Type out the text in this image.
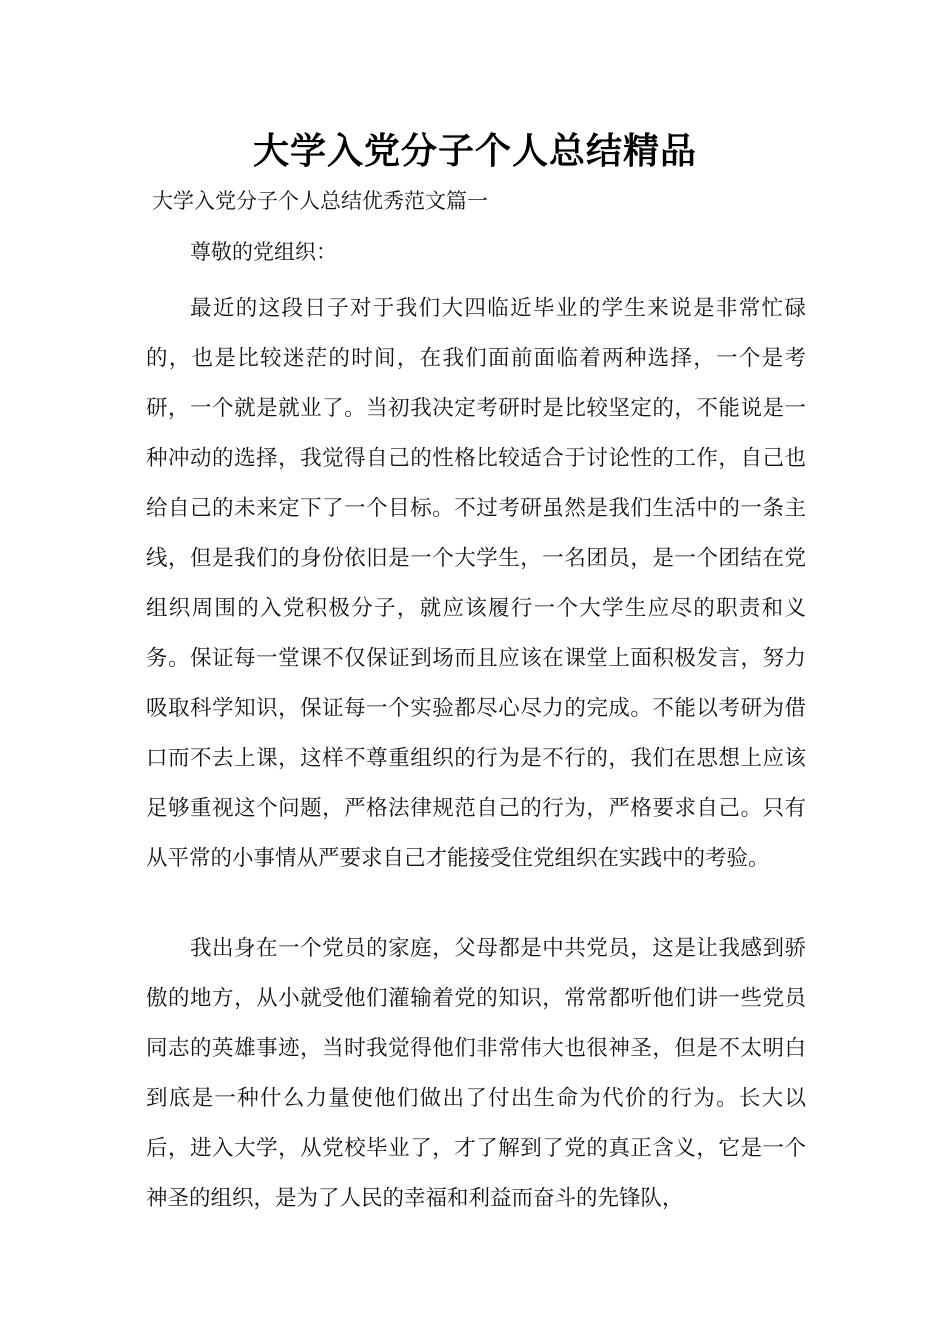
大学入党分子个人总结精品

大学入党分子个人总结优秀范文篇一

尊敬的党组织：

最近的这段日子对于我们大四临近毕业的学生来说是非常忙碌的，也是比较迷茫的时间，在我们面前面临着两种选择，一个是考研，一个就是就业了。当初我决定考研时是比较坚定的，不能说是一种冲动的选择，我觉得自己的性格比较适合于讨论性的工作，自己也给自己的未来定下了一个目标。不过考研虽然是我们生活中的一条主线，但是我们的身份依旧是一个大学生，一名团员，是一个团结在党组织周围的入党积极分子，就应该履行一个大学生应尽的职责和义务。保证每一堂课不仅保证到场而且应该在课堂上面积极发言，努力吸取科学知识，保证每一个实验都尽心尽力的完成。不能以考研为借口而不去上课，这样不尊重组织的行为是不行的，我们在思想上应该足够重视这个问题，严格法律规范自己的行为，严格要求自己。只有从平常的小事情从严要求自己才能接受住党组织在实践中的考验。

我出身在一个党员的家庭，父母都是中共党员，这是让我感到骄傲的地方，从小就受他们灌输着党的知识，常常都听他们讲一些党员同志的英雄事迹，当时我觉得他们非常伟大也很神圣，但是不太明白到底是一种什么力量使他们做出了付出生命为代价的行为。长大以后，进入大学，从党校毕业了，才了解到了党的真正含义，它是一个神圣的组织，是为了人民的幸福和利益而奋斗的先锋队，
